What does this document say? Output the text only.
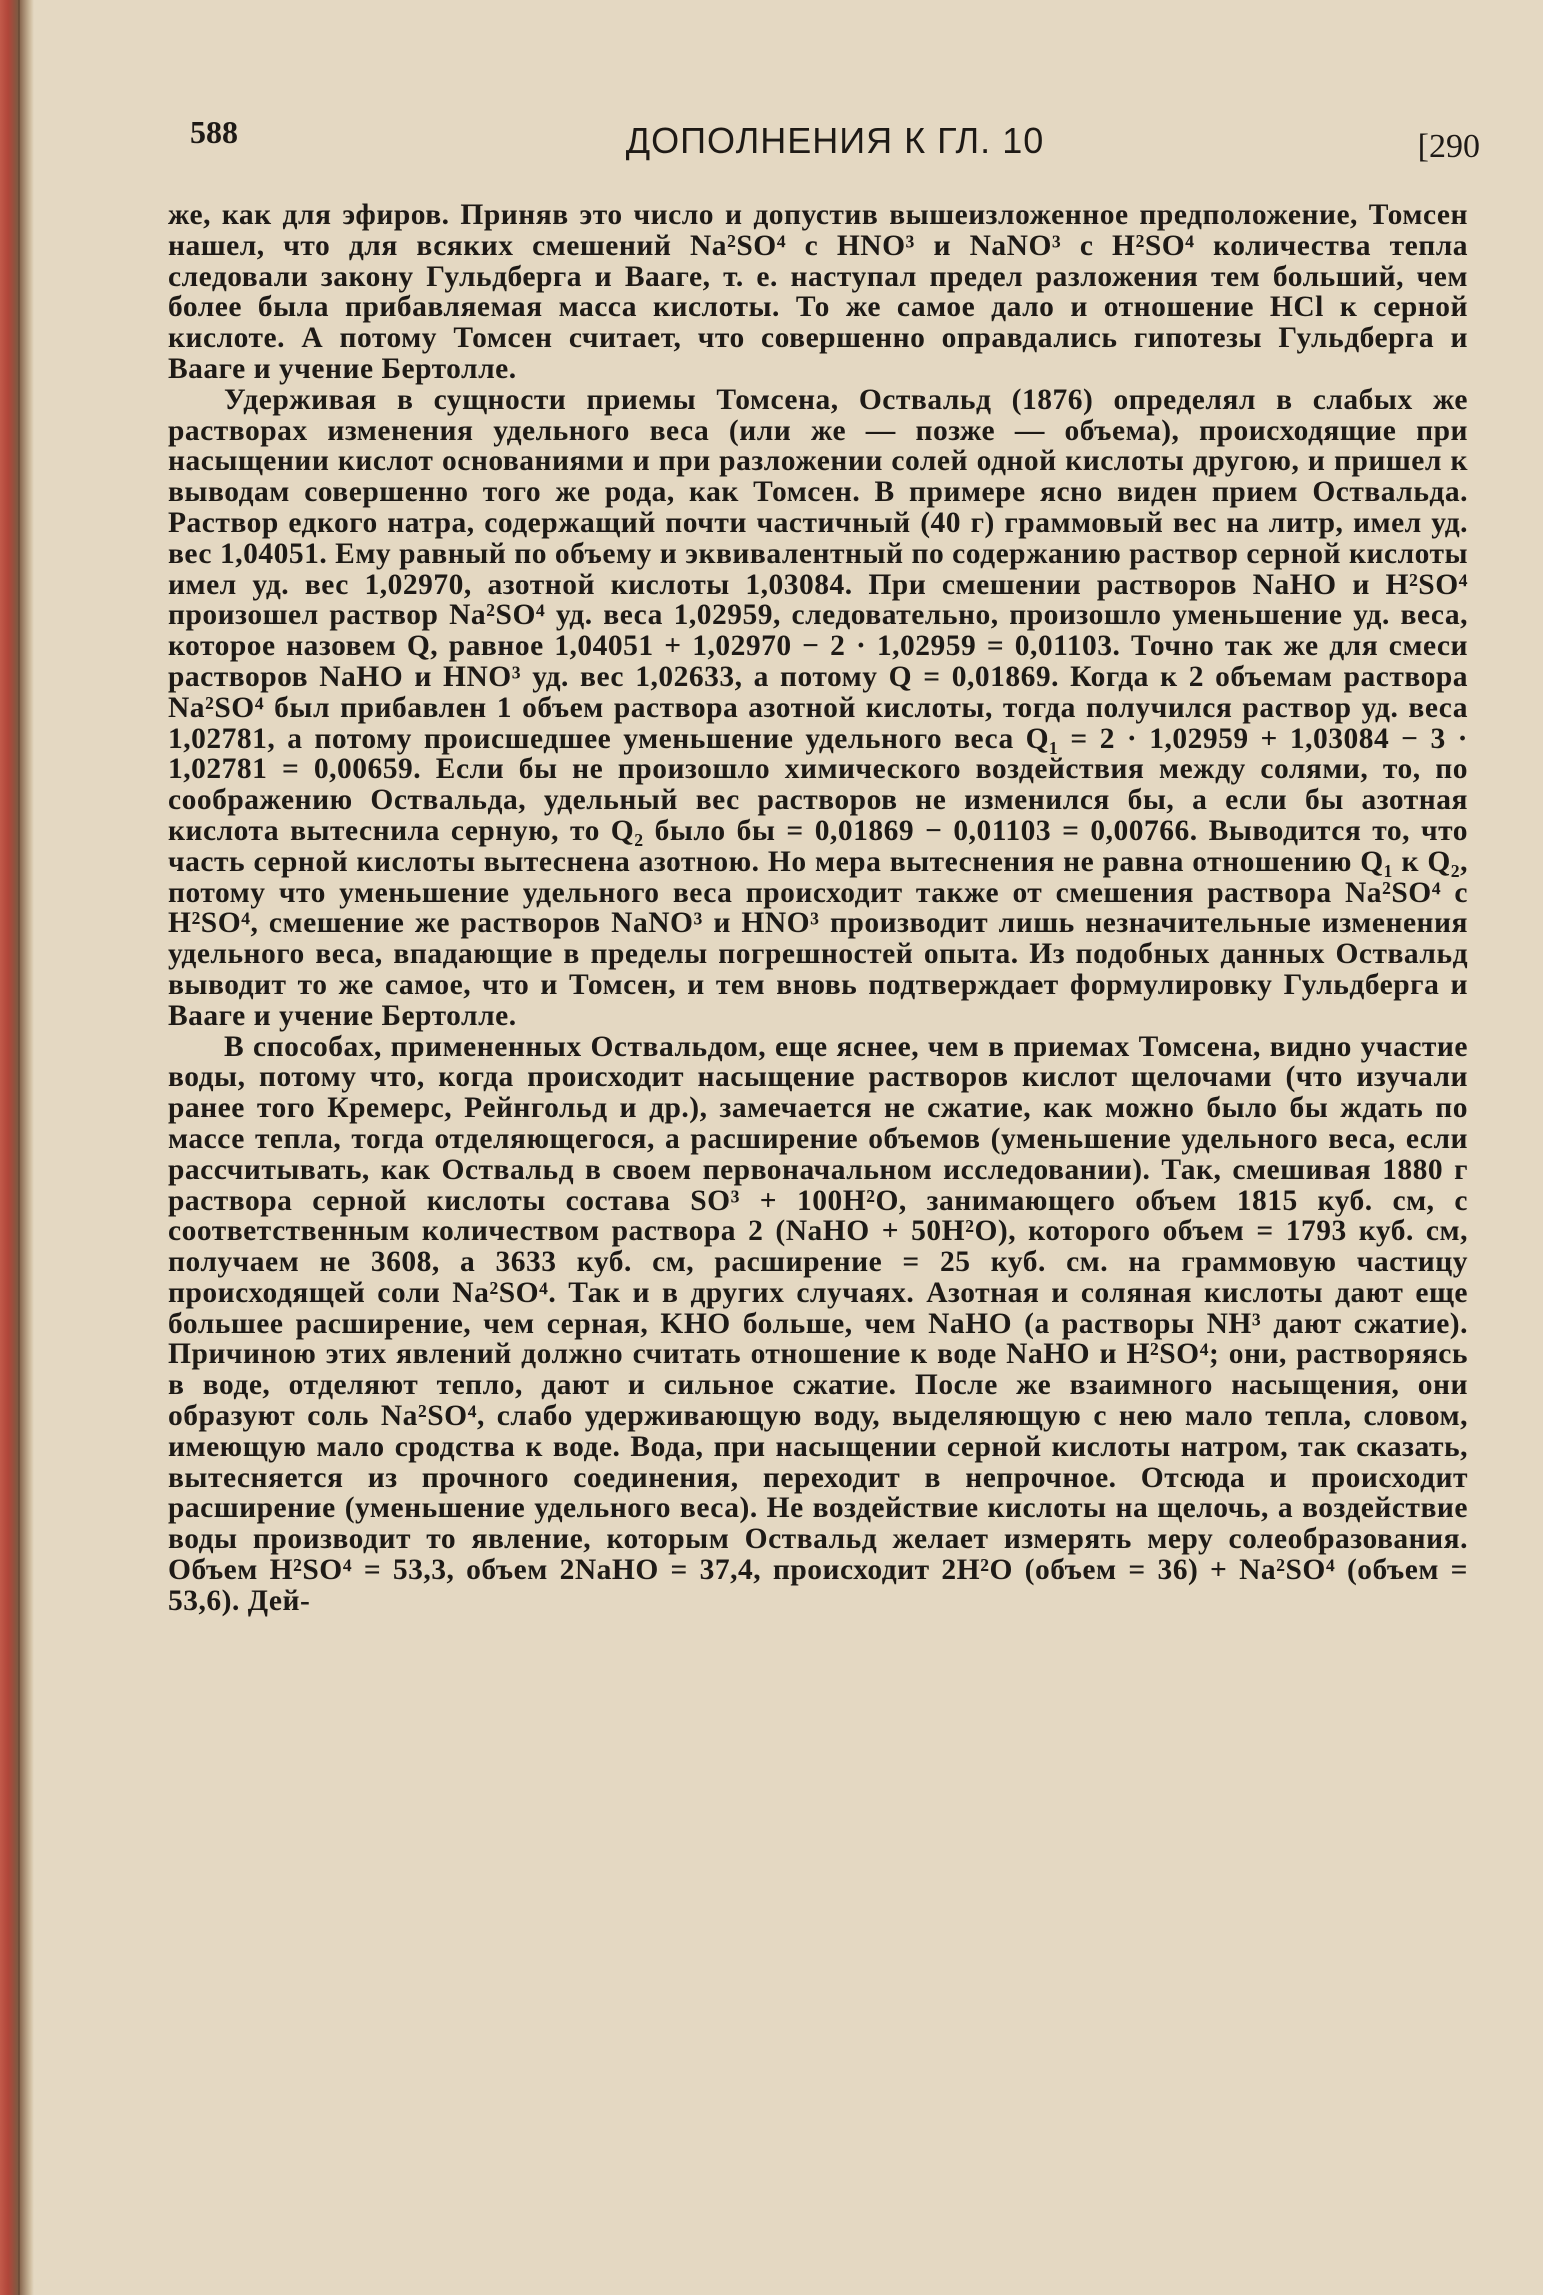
588	ДОПОЛНЕНИЯ К ГЛ. 10	[290

же, как для эфиров. Приняв это число и допустив вышеизложенное предположение, Томсен нашел, что для всяких смешений Na²SO⁴ с HNO³ и NaNO³ с H²SO⁴ количества тепла следовали закону Гульдберга и Вааге, т. е. наступал предел разложения тем больший, чем более была прибавляемая масса кислоты. То же самое дало и отношение HCl к серной кислоте. А потому Томсен считает, что совершенно оправдались гипотезы Гульдберга и Вааге и учение Бертолле.

Удерживая в сущности приемы Томсена, Оствальд (1876) определял в слабых же растворах изменения удельного веса (или же — позже — объема), происходящие при насыщении кислот основаниями и при разложении солей одной кислоты другою, и пришел к выводам совершенно того же рода, как Томсен. В примере ясно виден прием Оствальда. Раствор едкого натра, содержащий почти частичный (40 г) граммовый вес на литр, имел уд. вес 1,04051. Ему равный по объему и эквивалентный по содержанию раствор серной кислоты имел уд. вес 1,02970, азотной кислоты 1,03084. При смешении растворов NaHO и H²SO⁴ произошел раствор Na²SO⁴ уд. веса 1,02959, следовательно, произошло уменьшение уд. веса, которое назовем Q, равное 1,04051 + 1,02970 − 2 · 1,02959 = 0,01103. Точно так же для смеси растворов NaHO и HNO³ уд. вес 1,02633, а потому Q = 0,01869. Когда к 2 объемам раствора Na²SO⁴ был прибавлен 1 объем раствора азотной кислоты, тогда получился раствор уд. веса 1,02781, а потому происшедшее уменьшение удельного веса Q₁ = 2 · 1,02959 + 1,03084 − 3 · 1,02781 = 0,00659. Если бы не произошло химического воздействия между солями, то, по соображению Оствальда, удельный вес растворов не изменился бы, а если бы азотная кислота вытеснила серную, то Q₂ было бы = 0,01869 − 0,01103 = 0,00766. Выводится то, что часть серной кислоты вытеснена азотною. Но мера вытеснения не равна отношению Q₁ к Q₂, потому что уменьшение удельного веса происходит также от смешения раствора Na²SO⁴ с H²SO⁴, смешение же растворов NaNO³ и HNO³ производит лишь незначительные изменения удельного веса, впадающие в пределы погрешностей опыта. Из подобных данных Оствальд выводит то же самое, что и Томсен, и тем вновь подтверждает формулировку Гульдберга и Вааге и учение Бертолле.

В способах, примененных Оствальдом, еще яснее, чем в приемах Томсена, видно участие воды, потому что, когда происходит насыщение растворов кислот щелочами (что изучали ранее того Кремерс, Рейнгольд и др.), замечается не сжатие, как можно было бы ждать по массе тепла, тогда отделяющегося, а расширение объемов (уменьшение удельного веса, если рассчитывать, как Оствальд в своем первоначальном исследовании). Так, смешивая 1880 г раствора серной кислоты состава SO³ + 100H²O, занимающего объем 1815 куб. см, с соответственным количеством раствора 2 (NaHO + 50H²O), которого объем = 1793 куб. см, получаем не 3608, а 3633 куб. см, расширение = 25 куб. см. на граммовую частицу происходящей соли Na²SO⁴. Так и в других случаях. Азотная и соляная кислоты дают еще большее расширение, чем серная, KHO больше, чем NaHO (а растворы NH³ дают сжатие). Причиною этих явлений должно считать отношение к воде NaHO и H²SO⁴; они, растворяясь в воде, отделяют тепло, дают и сильное сжатие. После же взаимного насыщения, они образуют соль Na²SO⁴, слабо удерживающую воду, выделяющую с нею мало тепла, словом, имеющую мало сродства к воде. Вода, при насыщении серной кислоты натром, так сказать, вытесняется из прочного соединения, переходит в непрочное. Отсюда и происходит расширение (уменьшение удельного веса). Не воздействие кислоты на щелочь, а воздействие воды производит то явление, которым Оствальд желает измерять меру солеобразования. Объем H²SO⁴ = 53,3, объем 2NaHO = 37,4, происходит 2H²O (объем = 36) + Na²SO⁴ (объем = 53,6). Дей-
